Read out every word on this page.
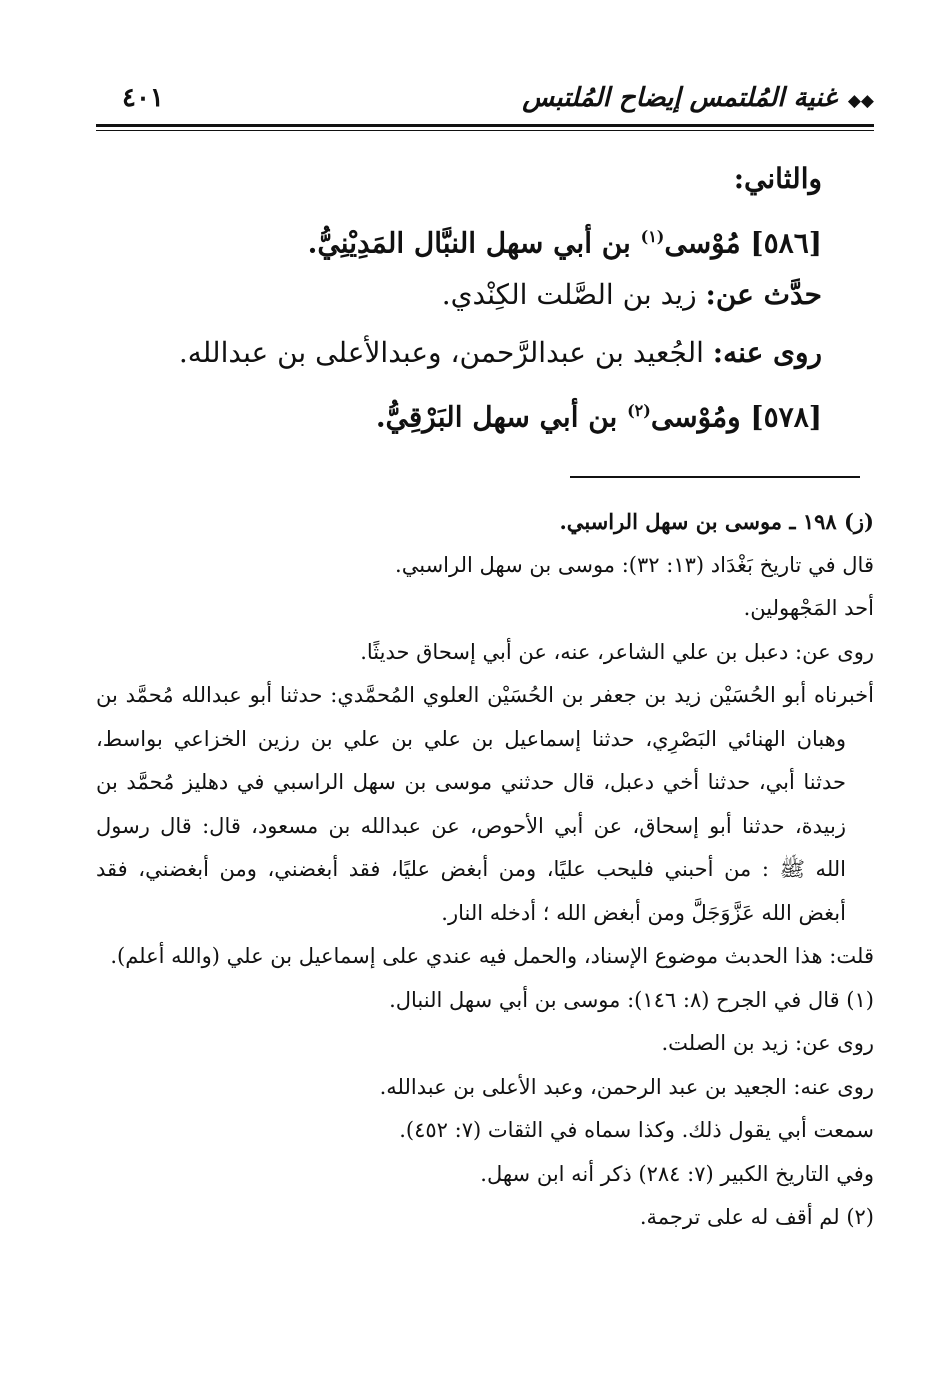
◆◆ غنية المُلتمس إيضاح المُلتبس
٤٠١
والثاني:
[٥٨٦] مُوْسى$^{(١)}$ بن أبي سهل النبَّال المَدِيْنِيُّ.
حدَّث عن: زيد بن الصَّلت الكِنْدي.
روى عنه: الجُعيد بن عبدالرَّحمن، وعبدالأعلى بن عبدالله.
[٥٧٨] ومُوْسى$^{(٢)}$ بن أبي سهل البَرْقِيُّ.
(ز) ١٩٨ ـ موسى بن سهل الراسبي.
قال في تاريخ بَغْدَاد (١٣: ٣٢): موسى بن سهل الراسبي.
أحد المَجْهولين.
روى عن: دعبل بن علي الشاعر، عنه، عن أبي إسحاق حديثًا.
أخبرناه أبو الحُسَيْن زيد بن جعفر بن الحُسَيْن العلوي المُحمَّدي: حدثنا أبو عبدالله مُحمَّد بن
وهبان الهنائي البَصْرِي، حدثنا إسماعيل بن علي بن علي بن رزين الخزاعي بواسط،
حدثنا أبي، حدثنا أخي دعبل، قال حدثني موسى بن سهل الراسبي في دهليز مُحمَّد بن
زبيدة، حدثنا أبو إسحاق، عن أبي الأحوص، عن عبدالله بن مسعود، قال: قال رسول
الله ﷺ : من أحبني فليحب عليًا، ومن أبغض عليًا، فقد أبغضني، ومن أبغضني، فقد
أبغض الله عَزَّوَجَلَّ ومن أبغض الله ؛ أدخله النار.
قلت: هذا الحدبث موضوع الإسناد، والحمل فيه عندي على إسماعيل بن علي (والله أعلم).
(١) قال في الجرح (٨: ١٤٦): موسى بن أبي سهل النبال.
روى عن: زيد بن الصلت.
روى عنه: الجعيد بن عبد الرحمن، وعبد الأعلى بن عبدالله.
سمعت أبي يقول ذلك. وكذا سماه في الثقات (٧: ٤٥٢).
وفي التاريخ الكبير (٧: ٢٨٤) ذكر أنه ابن سهل.
(٢) لم أقف له على ترجمة.
